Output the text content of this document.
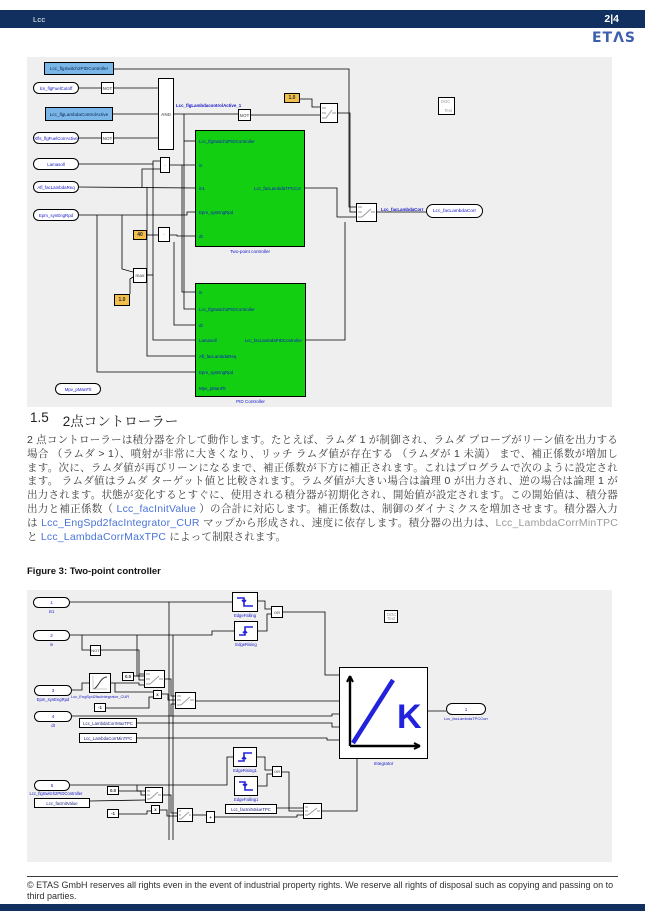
Lcc	2|4
ETΛS
Lcc_flgSwitch2PIDController
lcs_flgFuelCutoff	NOT
Lcc_flgLambdaControlActive
Xfls_flgFuelCorrActive	NOT
AND
Lcc_flgLambdacontrolActive_1
NOT
1.0
DOC
Text
·
Lamasoll
Afl_facLambdaReq
Epm_synEngRpd
40	·
Lcc_flgSwitch2PIDController
in
in1
Epm_synEngRpd
dt
Lcc_facLambdaTPCCor
Two-point controller
max
1.0
in
Lcc_flgSwitch2PIDController
dt
Lamasoll
Afl_facLambdaReq
Epm_synEngRpd
Mpv_pManFlt
Lcc_facLambdaPIDController
PID Controller
Mpv_pManFlt
Lcc_facLambdaCorr Lcc_facLambdaCorr
1.5 2点コントローラー
2 点コントローラーは積分器を介して動作します。たとえば、ラムダ 1 が制御され、ラムダ プローブがリーン値を出力する場合 （ラムダ > 1）、噴射が非常に大きくなり、リッチ ラムダ値が存在する （ラムダが 1 未満） まで、補正係数が増加します。次に、ラムダ値が再びリーンになるまで、補正係数が下方に補正されます。これはプログラムで次のように設定されます。 ラムダ値はラムダ ターゲット値と比較されます。ラムダ値が大きい場合は論理 0 が出力され、逆の場合は論理 1 が出力されます。状態が変化するとすぐに、使用される積分器が初期化され、開始値が設定されます。この開始値は、積分器出力と補正係数（ Lcc_facInitValue ）の合計に対応します。補正係数は、制御のダイナミクスを増加させます。積分器入力は Lcc_EngSpd2facIntegrator_CUR マップから形成され、速度に依存します。積分器の出力は、Lcc_LambdaCorrMinTPC と Lcc_LambdaCorrMaxTPC によって制限されます。
Figure 3: Two-point controller
1
in1
2
in
3
Epm_synEngRpd
4
dt
5
Lcc_flgSwitch2PIDController
NOT
Lcc_EngSpd2facIntegrator_CUR
0.0
-1
x
EdgeFalling
EdgeRising
OR
Lcc_LambdaCorrMaxTPC
Lcc_LambdaCorrMinTPC
K
Integrator
DOC
Text
1
Lcc_facLambdaTPCCorr
EdgeRising1
EdgeFalling1
OR
Lcc_facInitValueTPC
0.0
-1
Lcc_facInitValue
x
+
© ETAS GmbH reserves all rights even in the event of industrial property rights. We reserve all rights of disposal such as copying and passing on to third parties.
